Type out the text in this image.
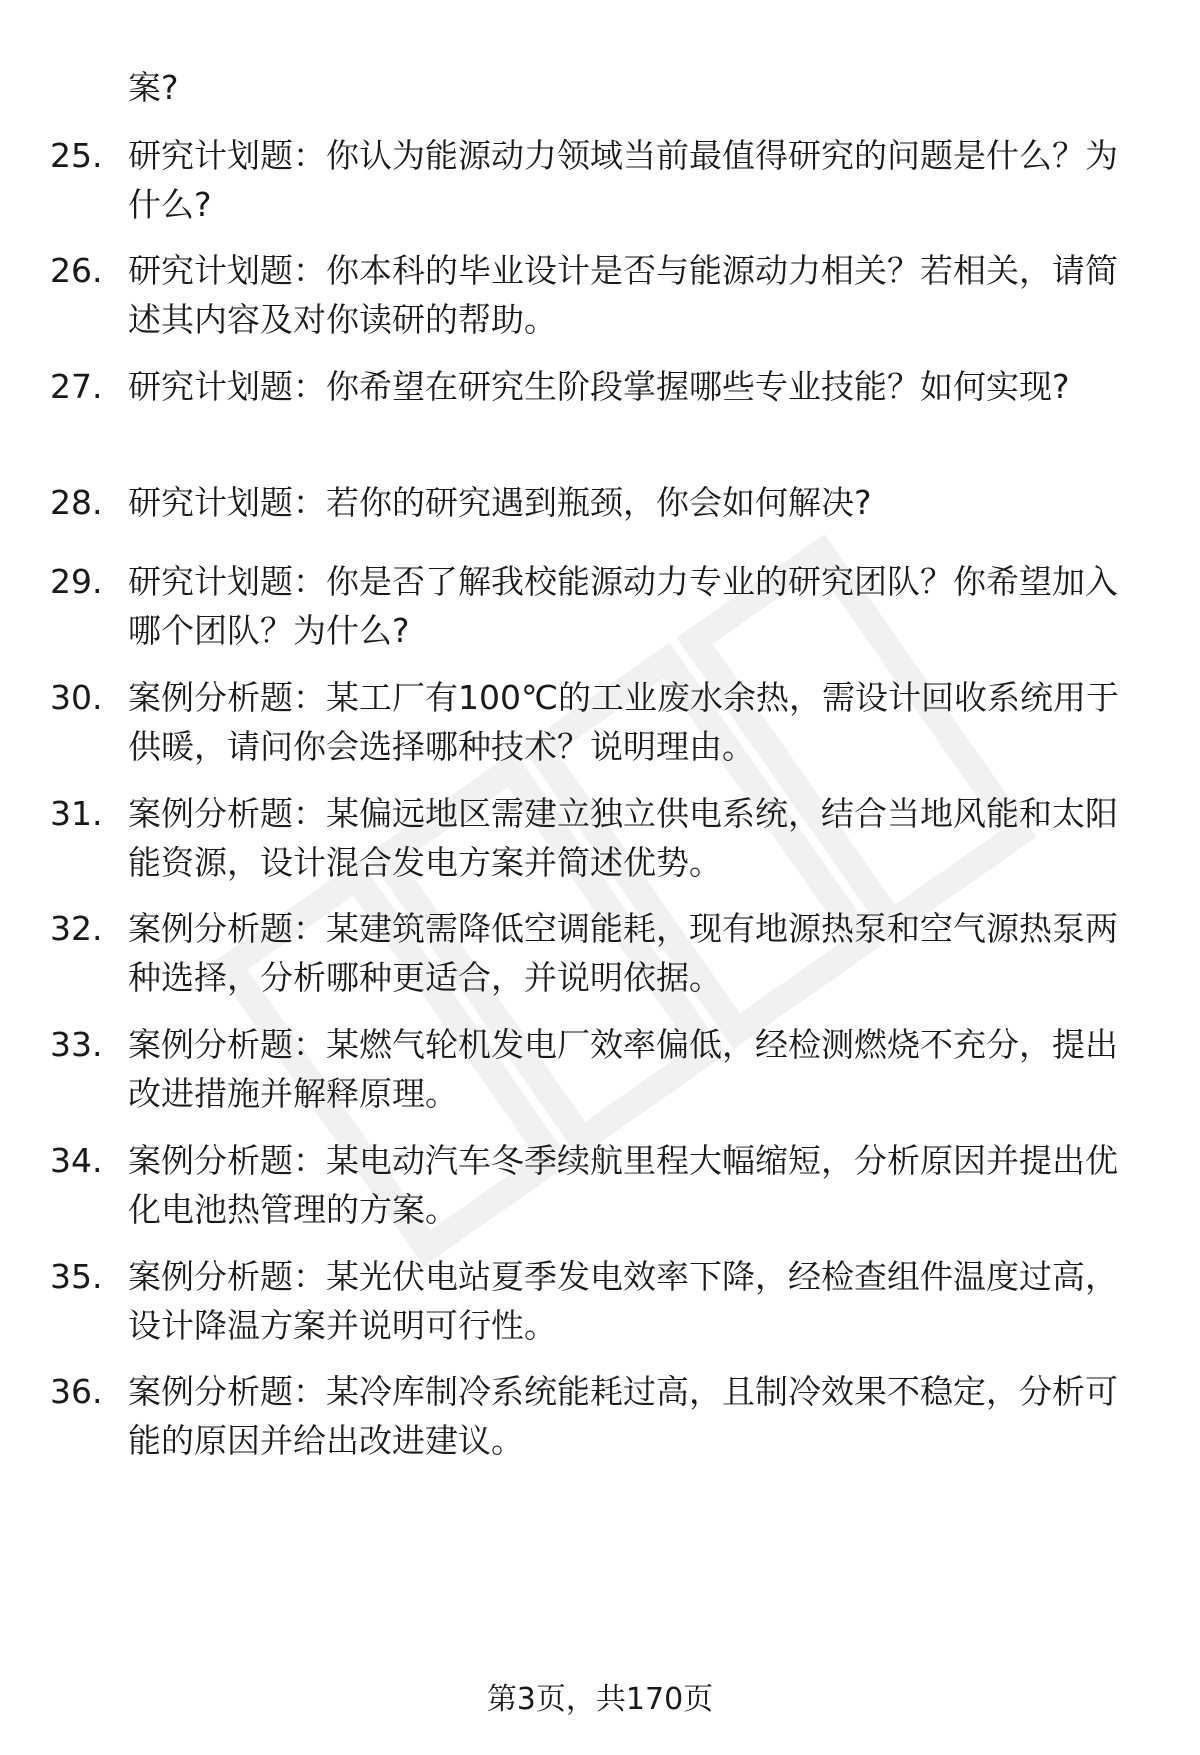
案?

25. 研究计划题：你认为能源动力领域当前最值得研究的问题是什么？为什么?
26. 研究计划题：你本科的毕业设计是否与能源动力相关？若相关，请简述其内容及对你读研的帮助。
27. 研究计划题：你希望在研究生阶段掌握哪些专业技能？如何实现?
28. 研究计划题：若你的研究遇到瓶颈，你会如何解决?
29. 研究计划题：你是否了解我校能源动力专业的研究团队？你希望加入哪个团队？为什么?
30. 案例分析题：某工厂有100℃的工业废水余热，需设计回收系统用于供暖，请问你会选择哪种技术？说明理由。
31. 案例分析题：某偏远地区需建立独立供电系统，结合当地风能和太阳能资源，设计混合发电方案并简述优势。
32. 案例分析题：某建筑需降低空调能耗，现有地源热泵和空气源热泵两种选择，分析哪种更适合，并说明依据。
33. 案例分析题：某燃气轮机发电厂效率偏低，经检测燃烧不充分，提出改进措施并解释原理。
34. 案例分析题：某电动汽车冬季续航里程大幅缩短，分析原因并提出优化电池热管理的方案。
35. 案例分析题：某光伏电站夏季发电效率下降，经检查组件温度过高，设计降温方案并说明可行性。
36. 案例分析题：某冷库制冷系统能耗过高，且制冷效果不稳定，分析可能的原因并给出改进建议。
第3页，共170页
